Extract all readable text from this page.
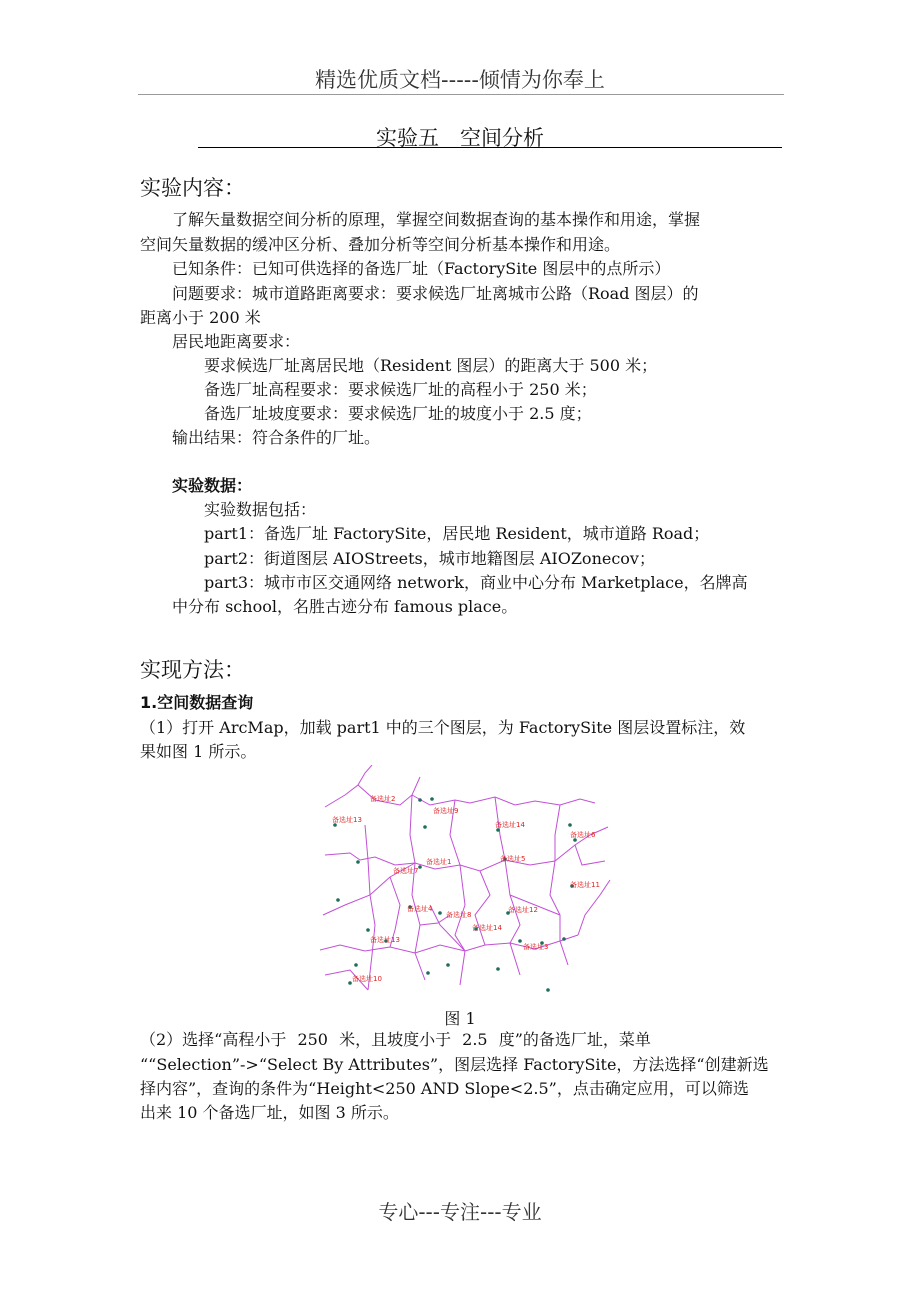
精选优质文档-----倾情为你奉上
实验五　空间分析
实验内容：
了解矢量数据空间分析的原理，掌握空间数据查询的基本操作和用途，掌握
空间矢量数据的缓冲区分析、叠加分析等空间分析基本操作和用途。
已知条件：已知可供选择的备选厂址（FactorySite 图层中的点所示）
问题要求：城市道路距离要求：要求候选厂址离城市公路（Road 图层）的
距离小于 200 米
居民地距离要求：
要求候选厂址离居民地（Resident 图层）的距离大于 500 米；
备选厂址高程要求：要求候选厂址的高程小于 250 米；
备选厂址坡度要求：要求候选厂址的坡度小于 2.5 度；
输出结果：符合条件的厂址。
实验数据：
实验数据包括：
part1：备选厂址 FactorySite，居民地 Resident，城市道路 Road；
part2：街道图层 AIOStreets，城市地籍图层 AIOZonecov；
part3：城市市区交通网络 network，商业中心分布 Marketplace，名牌高
中分布 school，名胜古迹分布 famous place。
实现方法：
1.空间数据查询
（1）打开 ArcMap，加载 part1 中的三个图层，为 FactorySite 图层设置标注，效
果如图 1 所示。
备选址2
备选址9
备选址13
备选址14
备选址6
备选址1
备选址7
备选址5
备选址11
备选址4
备选址8
备选址12
备选址14
备选址13
备选址3
备选址10
图 1
（2）选择“高程小于 250 米，且坡度小于 2.5 度”的备选厂址，菜单
““Selection”->“Select By Attributes”，图层选择 FactorySite，方法选择“创建新选
择内容”，查询的条件为“Height<250 AND Slope<2.5”，点击确定应用，可以筛选
出来 10 个备选厂址，如图 3 所示。
专心---专注---专业
